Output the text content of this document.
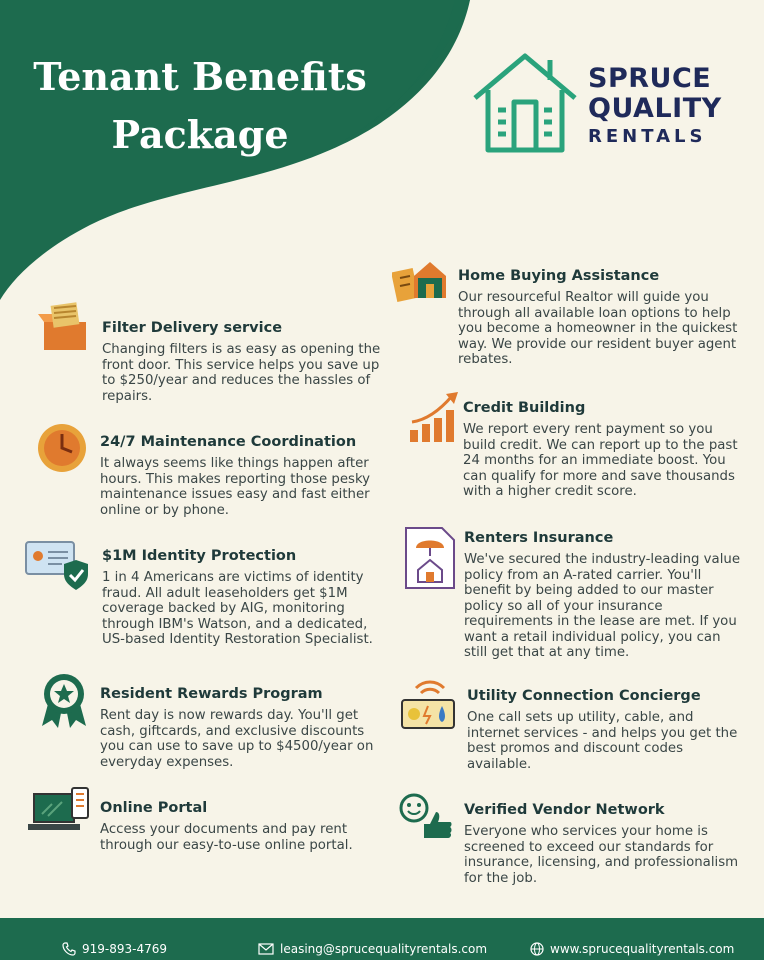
Tenant Benefits
Package
SPRUCE
QUALITY
RENTALS
Filter Delivery service

Changing filters is as easy as opening the front door. This service helps you save up to $250/year and reduces the hassles of repairs.

24/7 Maintenance Coordination

It always seems like things happen after hours. This makes reporting those pesky maintenance issues easy and fast either online or by phone.

$1M Identity Protection

1 in 4 Americans are victims of identity fraud. All adult leaseholders get $1M coverage backed by AIG, monitoring through IBM's Watson, and a dedicated, US-based Identity Restoration Specialist.

Resident Rewards Program

Rent day is now rewards day. You'll get cash, giftcards, and exclusive discounts you can use to save up to $4500/year on everyday expenses.

Online Portal

Access your documents and pay rent through our easy-to-use online portal.

Home Buying Assistance

Our resourceful Realtor will guide you through all available loan options to help you become a homeowner in the quickest way. We provide our resident buyer agent rebates.

Credit Building

We report every rent payment so you build credit. We can report up to the past 24 months for an immediate boost. You can qualify for more and save thousands with a higher credit score.

Renters Insurance

We've secured the industry-leading value policy from an A-rated carrier. You'll benefit by being added to our master policy so all of your insurance requirements in the lease are met. If you want a retail individual policy, you can still get that at any time.

Utility Connection Concierge

One call sets up utility, cable, and internet services - and helps you get the best promos and discount codes available.

Verified Vendor Network

Everyone who services your home is screened to exceed our standards for insurance, licensing, and professionalism for the job.

919-893-4769	leasing@sprucequalityrentals.com	www.sprucequalityrentals.com
